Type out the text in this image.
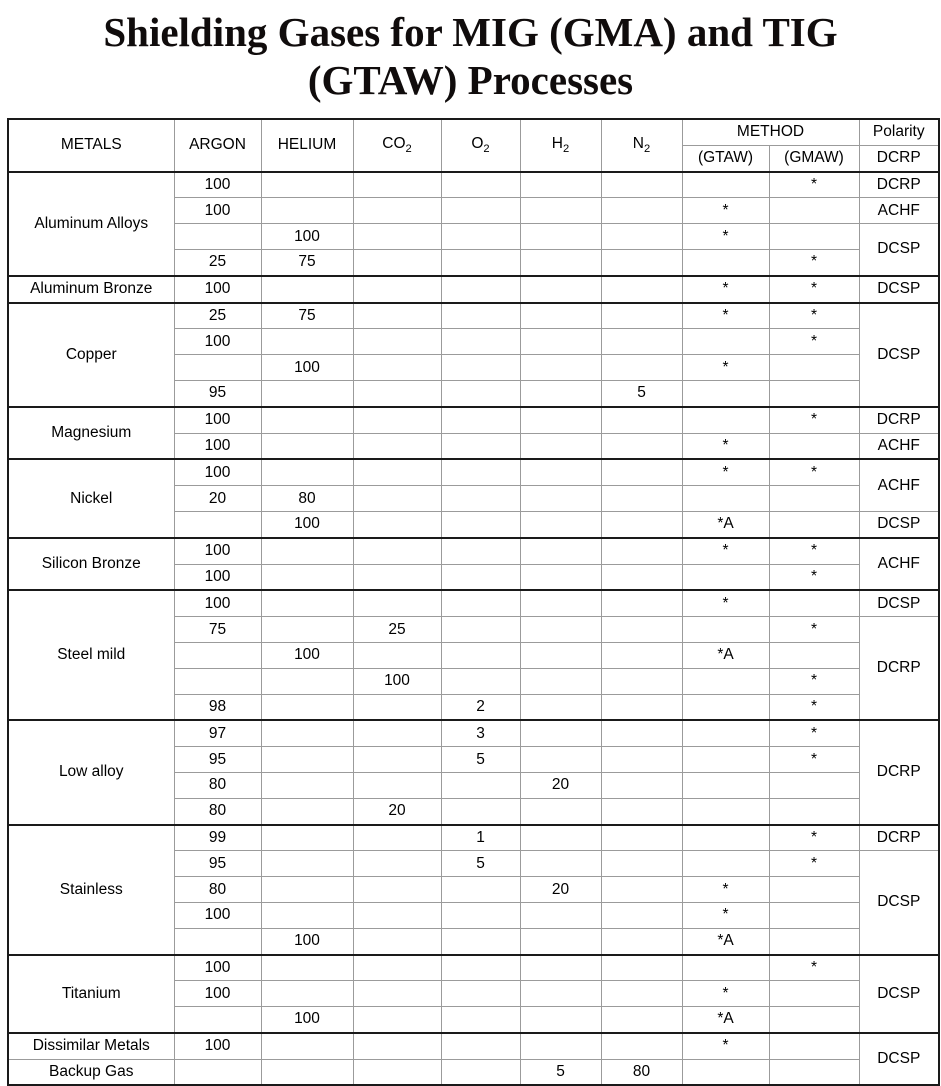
Shielding Gases for MIG (GMA) and TIG (GTAW) Processes
METALS	ARGON	HELIUM	$CO_2$	$O_2$	$H_2$	$N_2$	METHOD		Polarity
							(GTAW)	(GMAW)	DCRP
Aluminum Alloys	100							*	DCRP
	100						*		ACHF
		100					*		DCSP
	25	75						*	
Aluminum Bronze	100						*	*	DCSP
Copper	25	75					*	*	DCSP
	100							*	
		100					*		
	95					5			
Magnesium	100							*	DCRP
	100						*		ACHF
Nickel	100						*	*	ACHF
	20	80							
		100					*A		DCSP
Silicon Bronze	100						*	*	ACHF
	100							*	
Steel mild	100						*		DCSP
	75		25					*	DCRP
		100					*A		
			100					*	
	98			2				*	
Low alloy	97			3				*	DCRP
	95			5				*	
	80				20				
	80		20						
Stainless	99			1				*	DCRP
	95			5				*	DCSP
	80				20		*		
	100						*		
		100					*A		
Titanium	100							*	DCSP
	100						*		
		100					*A		
Dissimilar Metals	100						*		DCSP
Backup Gas					5	80			
